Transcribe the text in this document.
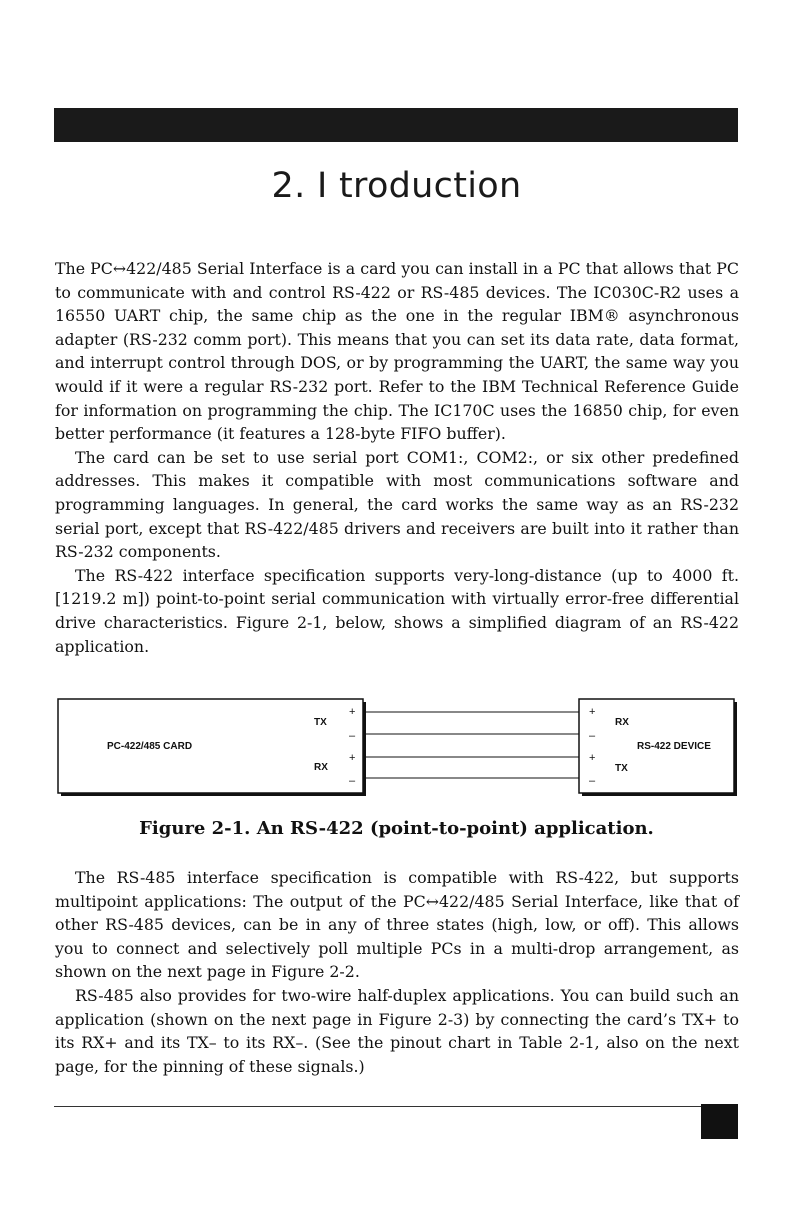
2. I troduction

The PC↔422/485 Serial Interface is a card you can install in a PC that allows that PC to communicate with and control RS-422 or RS-485 devices. The IC030C-R2 uses a 16550 UART chip, the same chip as the one in the regular IBM® asynchronous adapter (RS-232 comm port). This means that you can set its data rate, data format, and interrupt control through DOS, or by programming the UART, the same way you would if it were a regular RS-232 port. Refer to the IBM Technical Reference Guide for information on programming the chip. The IC170C uses the 16850 chip, for even better performance (it features a 128-byte FIFO buffer).

The card can be set to use serial port COM1:, COM2:, or six other predefined addresses. This makes it compatible with most communications software and programming languages. In general, the card works the same way as an RS-232 serial port, except that RS-422/485 drivers and receivers are built into it rather than RS-232 components.

The RS-422 interface specification supports very-long-distance (up to 4000 ft. [1219.2 m]) point-to-point serial communication with virtually error-free differential drive characteristics. Figure 2-1, below, shows a simplified diagram of an RS-422 application.

PC-422/485 CARD
TX
RX
+
–
+
–
+
–
+
–
RX
TX
RS-422 DEVICE
Figure 2-1. An RS-422 (point-to-point) application.

The RS-485 interface specification is compatible with RS-422, but supports multipoint applications: The output of the PC↔422/485 Serial Interface, like that of other RS-485 devices, can be in any of three states (high, low, or off). This allows you to connect and selectively poll multiple PCs in a multi-drop arrangement, as shown on the next page in Figure 2-2.

RS-485 also provides for two-wire half-duplex applications. You can build such an application (shown on the next page in Figure 2-3) by connecting the card’s TX+ to its RX+ and its TX– to its RX–. (See the pinout chart in Table 2-1, also on the next page, for the pinning of these signals.)
